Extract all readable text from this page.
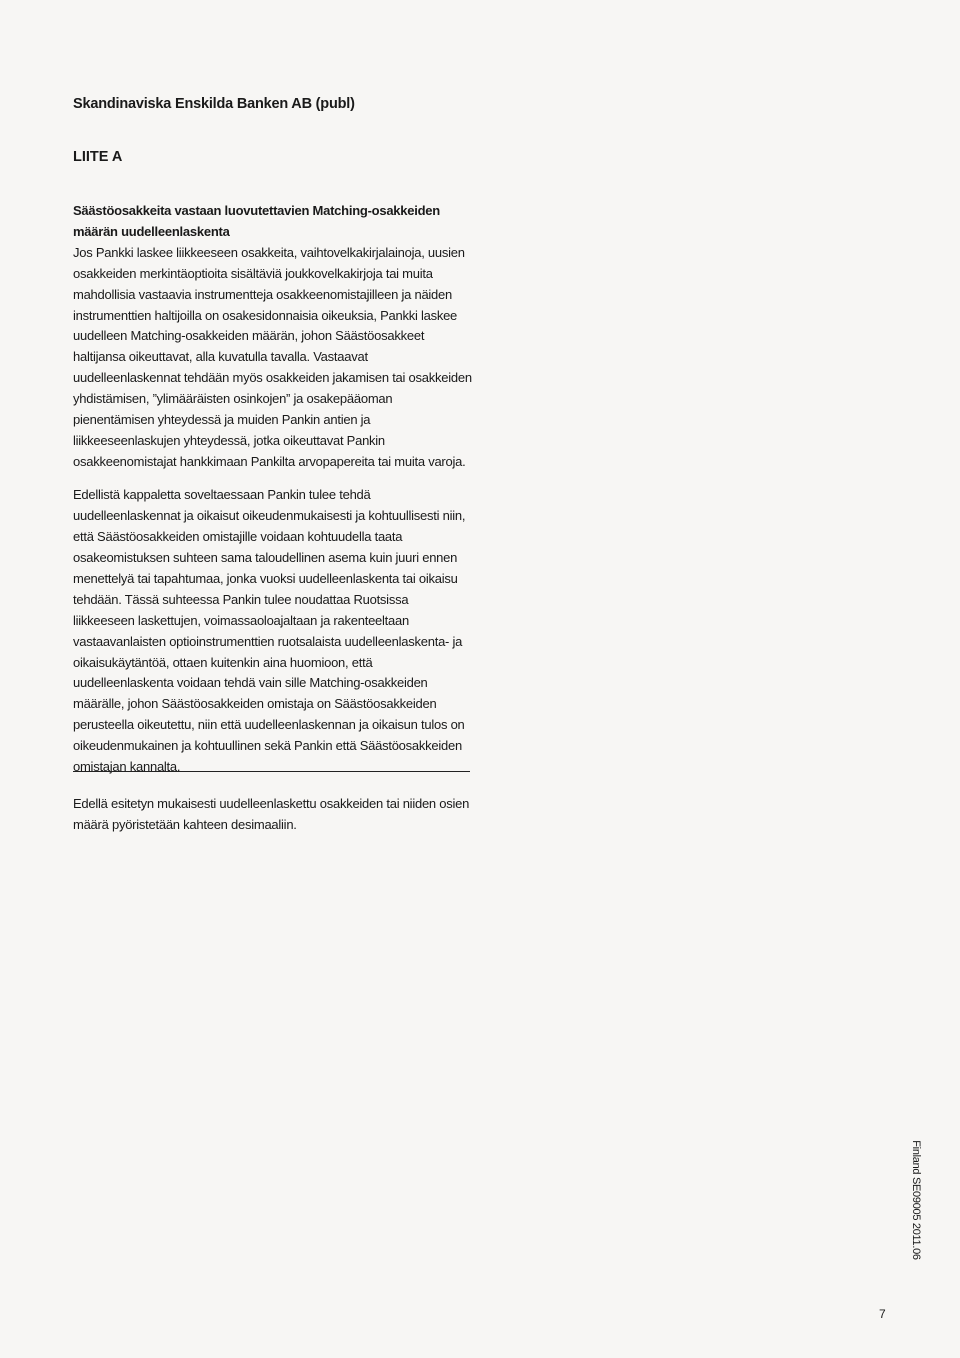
Skandinaviska Enskilda Banken AB (publ)
LIITE A

Säästöosakkeita vastaan luovutettavien Matching-osakkeiden määrän uudelleenlaskenta

Jos Pankki laskee liikkeeseen osakkeita, vaihtovelkakirjalainoja, uusien osakkeiden merkintäoptioita sisältäviä joukkovelkakirjoja tai muita mahdollisia vastaavia instrumentteja osakkeenomistajilleen ja näiden instrumenttien haltijoilla on osakesidonnaisia oikeuksia, Pankki laskee uudelleen Matching-osakkeiden määrän, johon Säästöosakkeet haltijansa oikeuttavat, alla kuvatulla tavalla. Vastaavat uudelleenlaskennat tehdään myös osakkeiden jakamisen tai osakkeiden yhdistämisen, ”ylimääräisten osinkojen” ja osakepääoman pienentämisen yhteydessä ja muiden Pankin antien ja liikkeeseenlaskujen yhteydessä, jotka oikeuttavat Pankin osakkeenomistajat hankkimaan Pankilta arvopapereita tai muita varoja.

Edellistä kappaletta soveltaessaan Pankin tulee tehdä uudelleenlaskennat ja oikaisut oikeudenmukaisesti ja kohtuullisesti niin, että Säästöosakkeiden omistajille voidaan kohtuudella taata osakeomistuksen suhteen sama taloudellinen asema kuin juuri ennen menettelyä tai tapahtumaa, jonka vuoksi uudelleenlaskenta tai oikaisu tehdään. Tässä suhteessa Pankin tulee noudattaa Ruotsissa liikkeeseen laskettujen, voimassaoloajaltaan ja rakenteeltaan vastaavanlaisten optioinstrumenttien ruotsalaista uudelleenlaskenta- ja oikaisukäytäntöä, ottaen kuitenkin aina huomioon, että uudelleenlaskenta voidaan tehdä vain sille Matching-osakkeiden määrälle, johon Säästöosakkeiden omistaja on Säästöosakkeiden perusteella oikeutettu, niin että uudelleenlaskennan ja oikaisun tulos on oikeudenmukainen ja kohtuullinen sekä Pankin että Säästöosakkeiden omistajan kannalta.

Edellä esitetyn mukaisesti uudelleenlaskettu osakkeiden tai niiden osien määrä pyöristetään kahteen desimaaliin.

Finland SE09005 2011.06
7
